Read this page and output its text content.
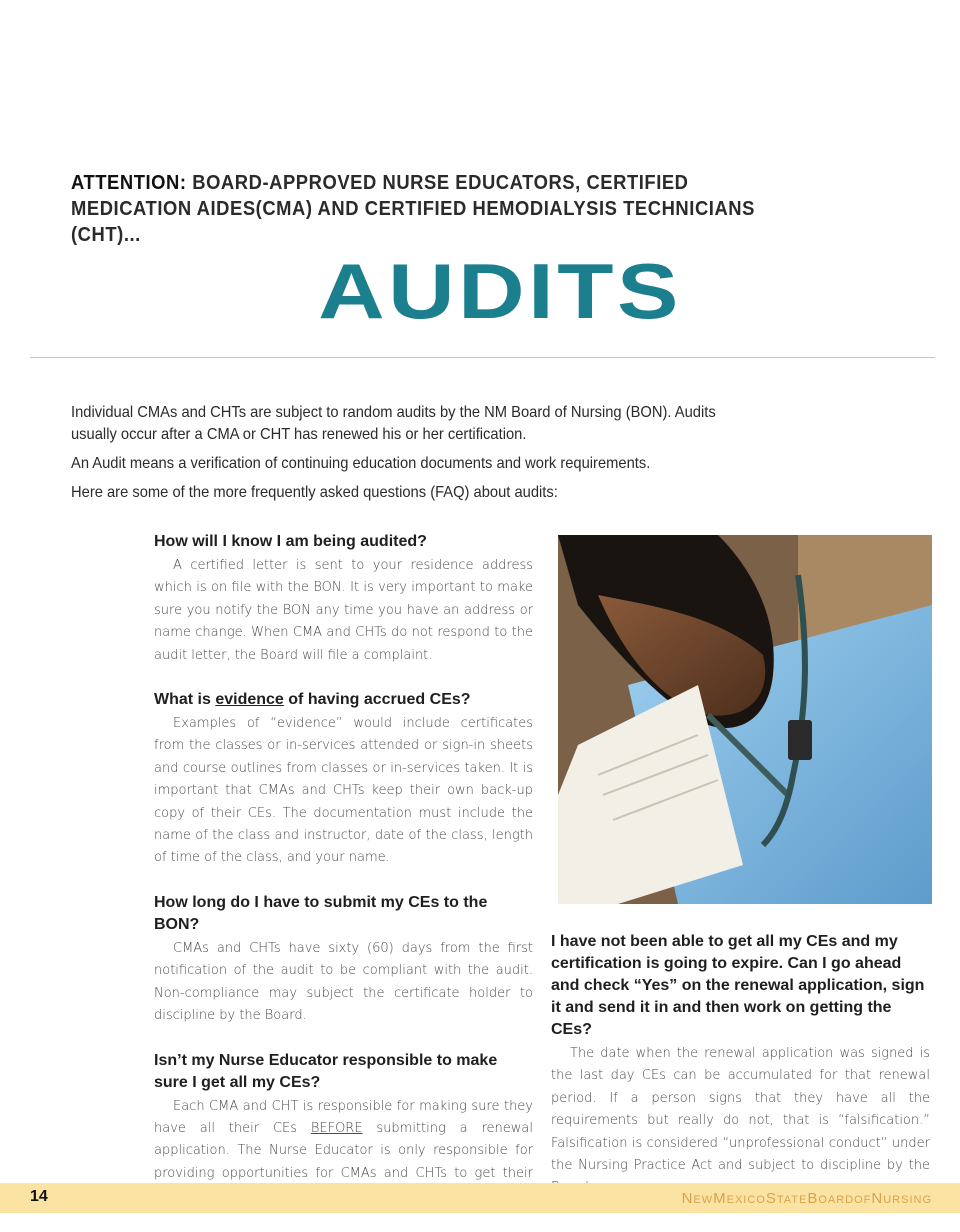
ATTENTION: BOARD-APPROVED NURSE EDUCATORS, CERTIFIED MEDICATION AIDES(CMA) AND CERTIFIED HEMODIALYSIS TECHNICIANS (CHT)...
AUDITS

Individual CMAs and CHTs are subject to random audits by the NM Board of Nursing (BON). Audits usually occur after a CMA or CHT has renewed his or her certification.

An Audit means a verification of continuing education documents and work requirements.

Here are some of the more frequently asked questions (FAQ) about audits:

How will I know I am being audited?

A certified letter is sent to your residence address which is on file with the BON. It is very important to make sure you notify the BON any time you have an address or name change. When CMA and CHTs do not respond to the audit letter, the Board will file a complaint.

What is evidence of having accrued CEs?

Examples of “evidence” would include certificates from the classes or in-services attended or sign-in sheets and course outlines from classes or in-services taken. It is important that CMAs and CHTs keep their own back-up copy of their CEs. The documentation must include the name of the class and instructor, date of the class, length of time of the class, and your name.

How long do I have to submit my CEs to the BON?

CMAs and CHTs have sixty (60) days from the first notification of the audit to be compliant with the audit. Non-compliance may subject the certificate holder to discipline by the Board.

Isn’t my Nurse Educator responsible to make sure I get all my CEs?

Each CMA and CHT is responsible for making sure they have all their CEs BEFORE submitting a renewal application. The Nurse Educator is only responsible for providing opportunities for CMAs and CHTs to get their

I have not been able to get all my CEs and my certification is going to expire. Can I go ahead and check “Yes” on the renewal application, sign it and send it in and then work on getting the CEs?

The date when the renewal application was signed is the last day CEs can be accumulated for that renewal period. If a person signs that they have all the requirements but really do not, that is “falsification.” Falsification is considered “unprofessional conduct” under the Nursing Practice Act and subject to discipline by the

14	NewMexicoStateBoardofNursing
